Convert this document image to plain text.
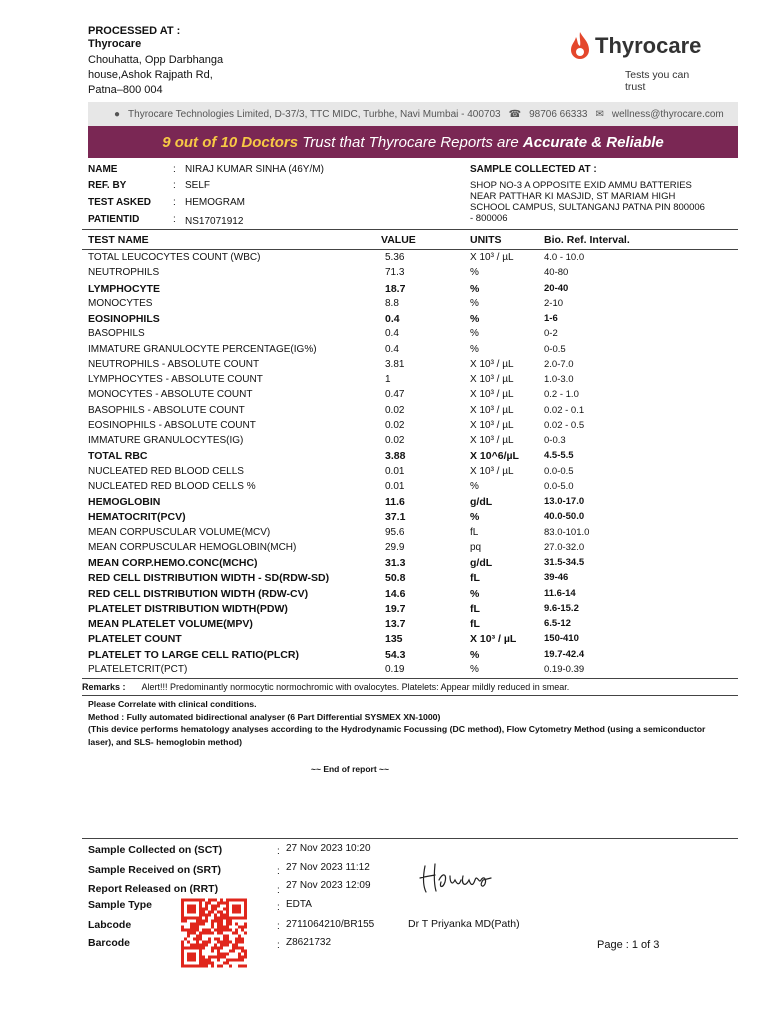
PROCESSED AT :
Thyrocare
Chouhatta, Opp Darbhanga
house,Ashok Rajpath Rd,
Patna–800 004
Thyrocare
Tests you can trust
● Thyrocare Technologies Limited, D-37/3, TTC MIDC, Turbhe, Navi Mumbai - 400703 ☎ 98706 66333 ✉ wellness@thyrocare.com
9 out of 10 Doctors Trust that Thyrocare Reports are Accurate & Reliable
NAME	: NIRAJ KUMAR SINHA (46Y/M)
REF. BY	: SELF
TEST ASKED : HEMOGRAM
PATIENTID	: NS17071912
SAMPLE COLLECTED AT :
SHOP NO-3 A OPPOSITE EXID AMMU BATTERIES NEAR PATTHAR KI MASJID, ST MARIAM HIGH SCHOOL CAMPUS, SULTANGANJ PATNA PIN 800006 - 800006
TEST NAME	VALUE	UNITS	Bio. Ref. Interval.
TOTAL LEUCOCYTES COUNT (WBC)	5.36	X 10³ / µL	4.0 - 10.0
NEUTROPHILS	71.3	%	40-80
LYMPHOCYTE	18.7	%	20-40
MONOCYTES	8.8	%	2-10
EOSINOPHILS	0.4	%	1-6
BASOPHILS	0.4	%	0-2
IMMATURE GRANULOCYTE PERCENTAGE(IG%)	0.4	%	0-0.5
NEUTROPHILS - ABSOLUTE COUNT	3.81	X 10³ / µL	2.0-7.0
LYMPHOCYTES - ABSOLUTE COUNT	1	X 10³ / µL	1.0-3.0
MONOCYTES - ABSOLUTE COUNT	0.47	X 10³ / µL	0.2 - 1.0
BASOPHILS - ABSOLUTE COUNT	0.02	X 10³ / µL	0.02 - 0.1
EOSINOPHILS - ABSOLUTE COUNT	0.02	X 10³ / µL	0.02 - 0.5
IMMATURE GRANULOCYTES(IG)	0.02	X 10³ / µL	0-0.3
TOTAL RBC	3.88	X 10^6/µL	4.5-5.5
NUCLEATED RED BLOOD CELLS	0.01	X 10³ / µL	0.0-0.5
NUCLEATED RED BLOOD CELLS %	0.01	%	0.0-5.0
HEMOGLOBIN	11.6	g/dL	13.0-17.0
HEMATOCRIT(PCV)	37.1	%	40.0-50.0
MEAN CORPUSCULAR VOLUME(MCV)	95.6	fL	83.0-101.0
MEAN CORPUSCULAR HEMOGLOBIN(MCH)	29.9	pq	27.0-32.0
MEAN CORP.HEMO.CONC(MCHC)	31.3	g/dL	31.5-34.5
RED CELL DISTRIBUTION WIDTH - SD(RDW-SD)	50.8	fL	39-46
RED CELL DISTRIBUTION WIDTH (RDW-CV)	14.6	%	11.6-14
PLATELET DISTRIBUTION WIDTH(PDW)	19.7	fL	9.6-15.2
MEAN PLATELET VOLUME(MPV)	13.7	fL	6.5-12
PLATELET COUNT	135	X 10³ / µL	150-410
PLATELET TO LARGE CELL RATIO(PLCR)	54.3	%	19.7-42.4
PLATELETCRIT(PCT)	0.19	%	0.19-0.39
Remarks : Alert!!! Predominantly normocytic normochromic with ovalocytes. Platelets: Appear mildly reduced in smear.
Please Correlate with clinical conditions.
Method : Fully automated bidirectional analyser (6 Part Differential SYSMEX XN-1000)
(This device performs hematology analyses according to the Hydrodynamic Focussing (DC method), Flow Cytometry Method (using a semiconductor laser), and SLS- hemoglobin method)
~~ End of report ~~
Sample Collected on (SCT)	: 27 Nov 2023 10:20
Sample Received on (SRT)	: 27 Nov 2023 11:12
Report Released on (RRT)	: 27 Nov 2023 12:09
Sample Type	: EDTA
Labcode	: 2711064210/BR155
Barcode	: Z8621732
Dr T Priyanka MD(Path)
Page : 1 of 3
